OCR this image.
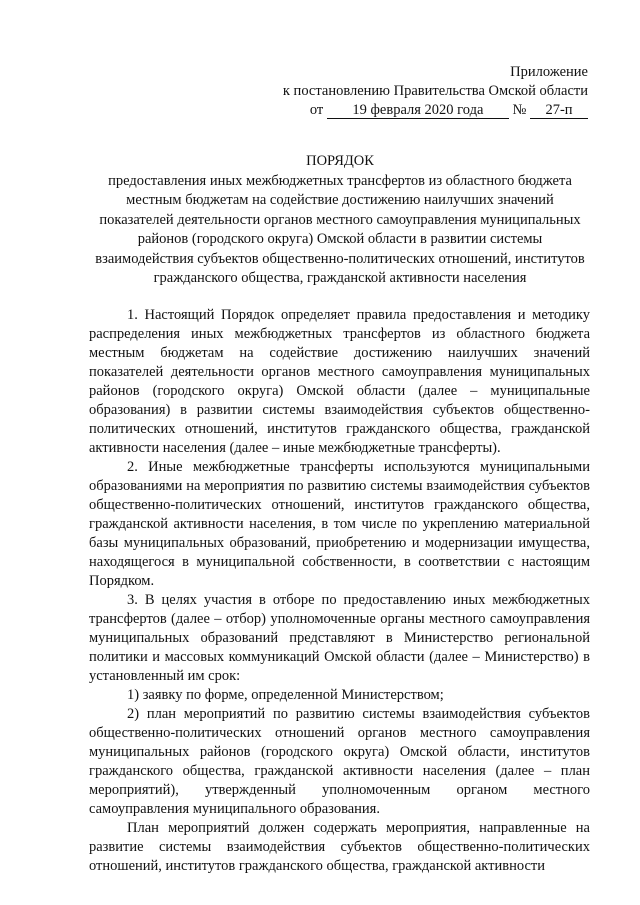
Приложение
к постановлению Правительства Омской области
от 19 февраля 2020 года № 27-п
ПОРЯДОК
предоставления иных межбюджетных трансфертов из областного бюджета местным бюджетам на содействие достижению наилучших значений показателей деятельности органов местного самоуправления муниципальных районов (городского округа) Омской области в развитии системы взаимодействия субъектов общественно-политических отношений, институтов гражданского общества, гражданской активности населения

1. Настоящий Порядок определяет правила предоставления и методику распределения иных межбюджетных трансфертов из областного бюджета местным бюджетам на содействие достижению наилучших значений показателей деятельности органов местного самоуправления муниципальных районов (городского округа) Омской области (далее – муниципальные образования) в развитии системы взаимодействия субъектов общественно-политических отношений, институтов гражданского общества, гражданской активности населения (далее – иные межбюджетные трансферты).

2. Иные межбюджетные трансферты используются муниципальными образованиями на мероприятия по развитию системы взаимодействия субъектов общественно-политических отношений, институтов гражданского общества, гражданской активности населения, в том числе по укреплению материальной базы муниципальных образований, приобретению и модернизации имущества, находящегося в муниципальной собственности, в соответствии с настоящим Порядком.

3. В целях участия в отборе по предоставлению иных межбюджетных трансфертов (далее – отбор) уполномоченные органы местного самоуправления муниципальных образований представляют в Министерство региональной политики и массовых коммуникаций Омской области (далее – Министерство) в установленный им срок:

1) заявку по форме, определенной Министерством;

2) план мероприятий по развитию системы взаимодействия субъектов общественно-политических отношений органов местного самоуправления муниципальных районов (городского округа) Омской области, институтов гражданского общества, гражданской активности населения (далее – план мероприятий), утвержденный уполномоченным органом местного самоуправления муниципального образования.

План мероприятий должен содержать мероприятия, направленные на развитие системы взаимодействия субъектов общественно-политических отношений, институтов гражданского общества, гражданской активности
